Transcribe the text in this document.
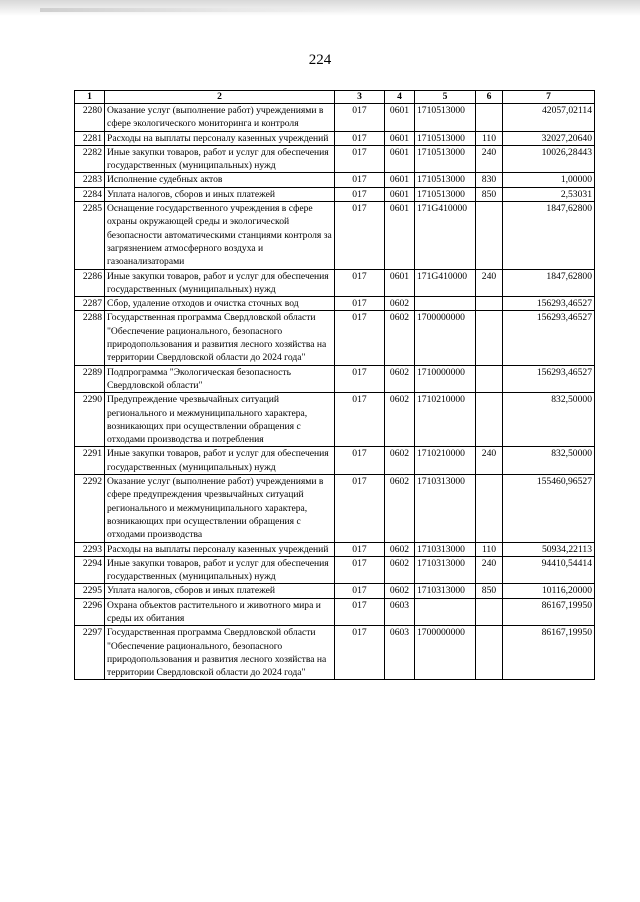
224
1	2	3	4	5	6	7
2280	Оказание услуг (выполнение работ) учреждениями в сфере экологического мониторинга и контроля	017	0601	1710513000		42057,02114
2281	Расходы на выплаты персоналу казенных учреждений	017	0601	1710513000	110	32027,20640
2282	Иные закупки товаров, работ и услуг для обеспечения государственных (муниципальных) нужд	017	0601	1710513000	240	10026,28443
2283	Исполнение судебных актов	017	0601	1710513000	830	1,00000
2284	Уплата налогов, сборов и иных платежей	017	0601	1710513000	850	2,53031
2285	Оснащение государственного учреждения в сфере охраны окружающей среды и экологической безопасности автоматическими станциями контроля за загрязнением атмосферного воздуха и газоанализаторами	017	0601	171G410000		1847,62800
2286	Иные закупки товаров, работ и услуг для обеспечения государственных (муниципальных) нужд	017	0601	171G410000	240	1847,62800
2287	Сбор, удаление отходов и очистка сточных вод	017	0602			156293,46527
2288	Государственная программа Свердловской области "Обеспечение рационального, безопасного природопользования и развития лесного хозяйства на территории Свердловской области до 2024 года"	017	0602	1700000000		156293,46527
2289	Подпрограмма "Экологическая безопасность Свердловской области"	017	0602	1710000000		156293,46527
2290	Предупреждение чрезвычайных ситуаций регионального и межмуниципального характера, возникающих при осуществлении обращения с отходами производства и потребления	017	0602	1710210000		832,50000
2291	Иные закупки товаров, работ и услуг для обеспечения государственных (муниципальных) нужд	017	0602	1710210000	240	832,50000
2292	Оказание услуг (выполнение работ) учреждениями в сфере предупреждения чрезвычайных ситуаций регионального и межмуниципального характера, возникающих при осуществлении обращения с отходами производства	017	0602	1710313000		155460,96527
2293	Расходы на выплаты персоналу казенных учреждений	017	0602	1710313000	110	50934,22113
2294	Иные закупки товаров, работ и услуг для обеспечения государственных (муниципальных) нужд	017	0602	1710313000	240	94410,54414
2295	Уплата налогов, сборов и иных платежей	017	0602	1710313000	850	10116,20000
2296	Охрана объектов растительного и животного мира и среды их обитания	017	0603			86167,19950
2297	Государственная программа Свердловской области "Обеспечение рационального, безопасного природопользования и развития лесного хозяйства на территории Свердловской области до 2024 года"	017	0603	1700000000		86167,19950
